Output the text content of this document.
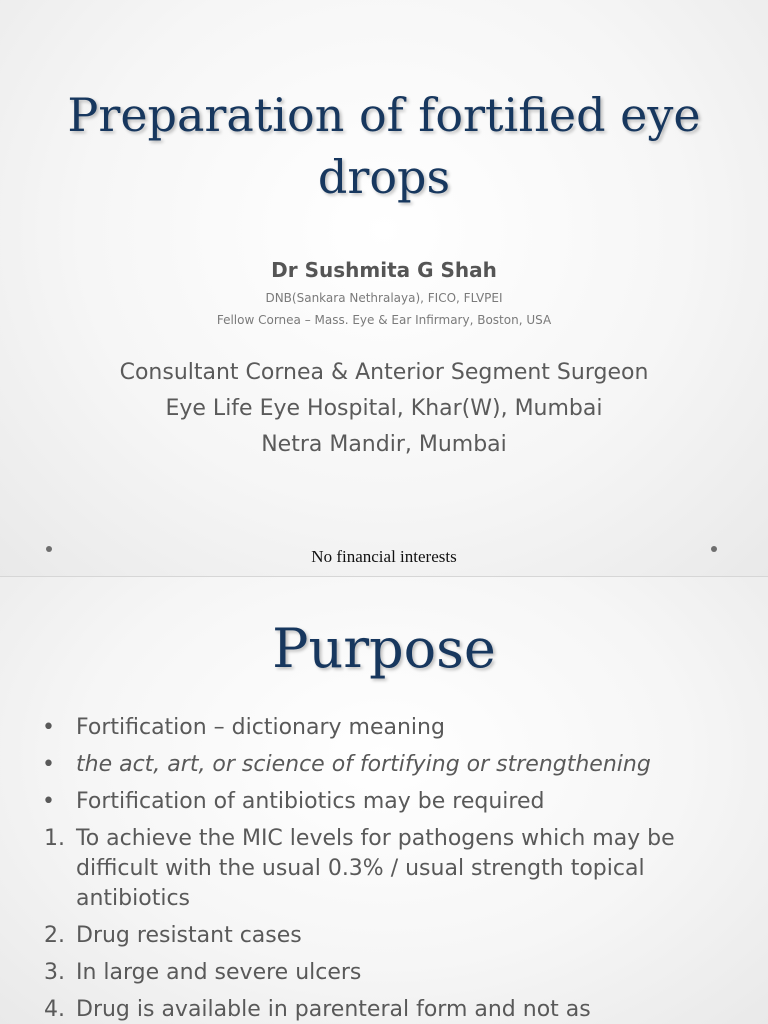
Preparation of fortified eye drops
Dr Sushmita G Shah
DNB(Sankara Nethralaya), FICO, FLVPEI
Fellow Cornea – Mass. Eye & Ear Infirmary, Boston, USA
Consultant Cornea & Anterior Segment Surgeon
Eye Life Eye Hospital, Khar(W), Mumbai
Netra Mandir, Mumbai
No financial interests
Purpose
• Fortification – dictionary meaning
• the act, art, or science of fortifying or strengthening
• Fortification of antibiotics may be required
1. To achieve the MIC levels for pathogens which may be difficult with the usual 0.3% / usual strength topical antibiotics
2. Drug resistant cases
3. In large and severe ulcers
4. Drug is available in parenteral form and not as
